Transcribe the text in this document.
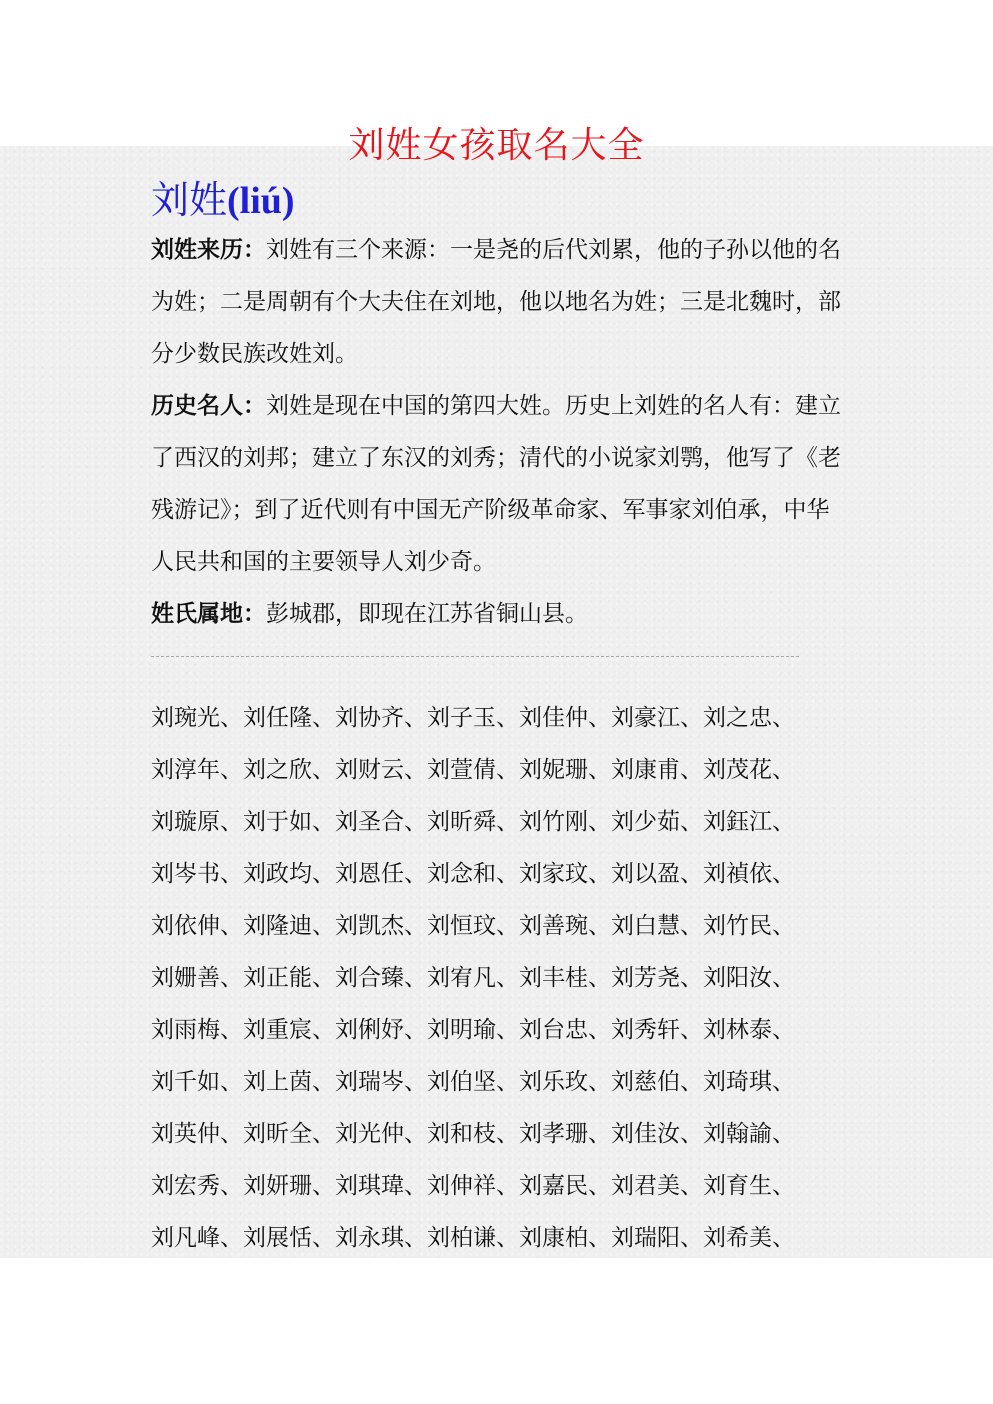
刘姓女孩取名大全
刘姓(liú)
刘姓来历：刘姓有三个来源：一是尧的后代刘累，他的子孙以他的名为姓；二是周朝有个大夫住在刘地，他以地名为姓；三是北魏时，部分少数民族改姓刘。
历史名人：刘姓是现在中国的第四大姓。历史上刘姓的名人有：建立了西汉的刘邦；建立了东汉的刘秀；清代的小说家刘鹗，他写了《老残游记》；到了近代则有中国无产阶级革命家、军事家刘伯承，中华人民共和国的主要领导人刘少奇。
姓氏属地：彭城郡，即现在江苏省铜山县。
刘琬光、刘任隆、刘协齐、刘子玉、刘佳仲、刘豪江、刘之忠、
刘淳年、刘之欣、刘财云、刘萱倩、刘妮珊、刘康甫、刘茂花、
刘璇原、刘于如、刘圣合、刘昕舜、刘竹刚、刘少茹、刘鈺江、
刘岑书、刘政均、刘恩任、刘念和、刘家玟、刘以盈、刘禎依、
刘依伸、刘隆迪、刘凯杰、刘恒玟、刘善琬、刘白慧、刘竹民、
刘姗善、刘正能、刘合臻、刘宥凡、刘丰桂、刘芳尧、刘阳汝、
刘雨梅、刘重宸、刘俐妤、刘明瑜、刘台忠、刘秀轩、刘林泰、
刘千如、刘上茵、刘瑞岑、刘伯坚、刘乐玫、刘慈伯、刘琦琪、
刘英仲、刘昕全、刘光仲、刘和枝、刘孝珊、刘佳汝、刘翰諭、
刘宏秀、刘妍珊、刘琪瑋、刘伸祥、刘嘉民、刘君美、刘育生、
刘凡峰、刘展恬、刘永琪、刘柏谦、刘康柏、刘瑞阳、刘希美、
